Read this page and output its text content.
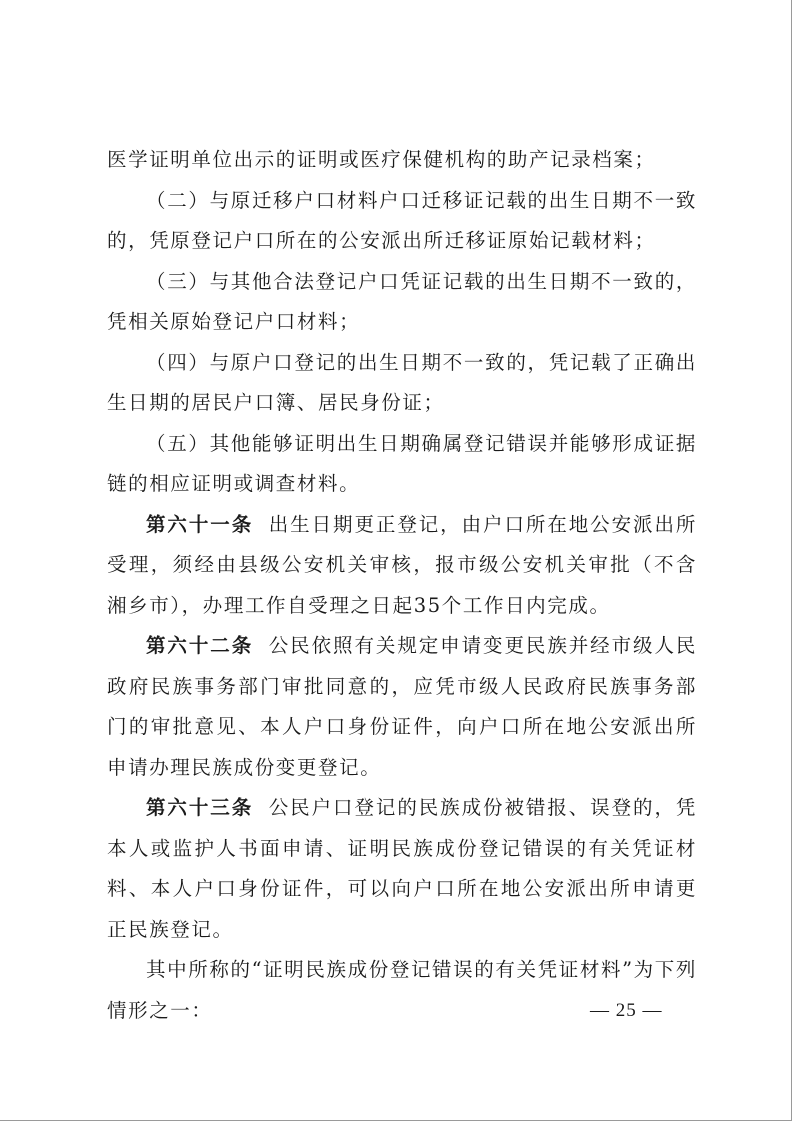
医学证明单位出示的证明或医疗保健机构的助产记录档案；

（二）与原迁移户口材料户口迁移证记载的出生日期不一致的，凭原登记户口所在的公安派出所迁移证原始记载材料；

（三）与其他合法登记户口凭证记载的出生日期不一致的，凭相关原始登记户口材料；

（四）与原户口登记的出生日期不一致的，凭记载了正确出生日期的居民户口簿、居民身份证；

（五）其他能够证明出生日期确属登记错误并能够形成证据链的相应证明或调查材料。

第六十一条 出生日期更正登记，由户口所在地公安派出所受理，须经由县级公安机关审核，报市级公安机关审批（不含湘乡市），办理工作自受理之日起35个工作日内完成。

第六十二条 公民依照有关规定申请变更民族并经市级人民政府民族事务部门审批同意的，应凭市级人民政府民族事务部门的审批意见、本人户口身份证件，向户口所在地公安派出所申请办理民族成份变更登记。

第六十三条 公民户口登记的民族成份被错报、误登的，凭本人或监护人书面申请、证明民族成份登记错误的有关凭证材料、本人户口身份证件，可以向户口所在地公安派出所申请更正民族登记。

其中所称的“证明民族成份登记错误的有关凭证材料”为下列情形之一：	— 25 —
